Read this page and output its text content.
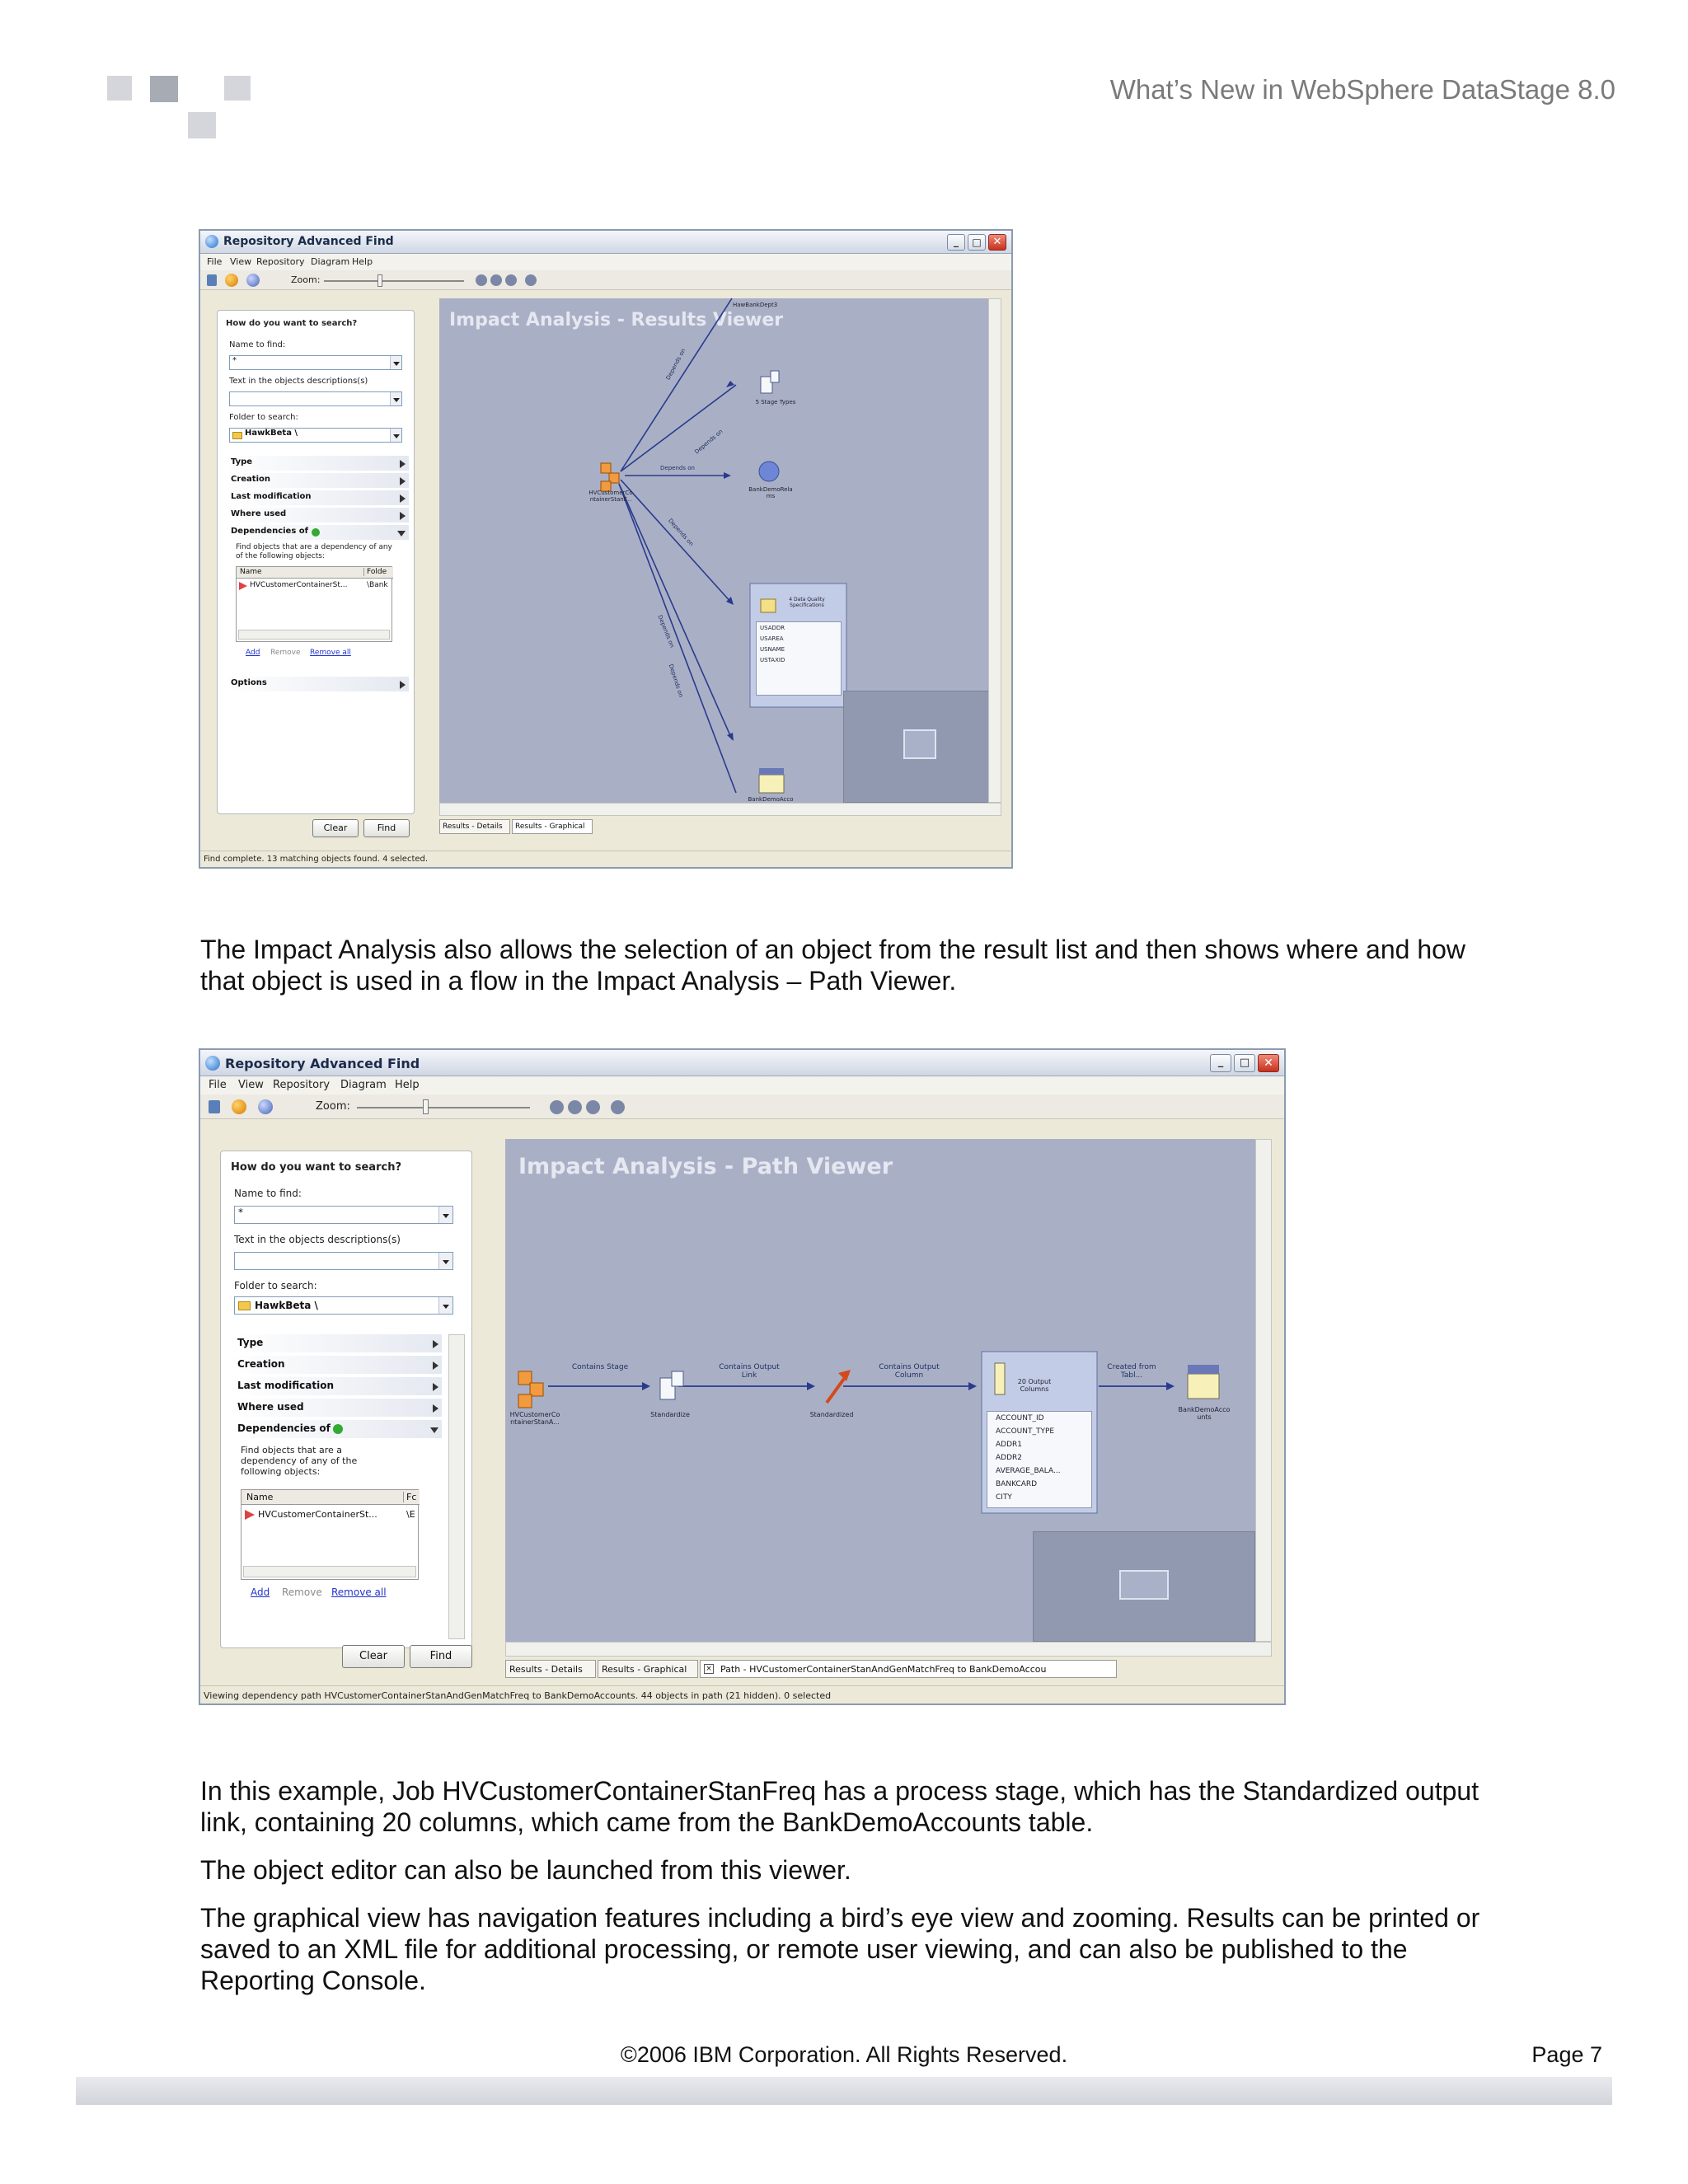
What’s New in WebSphere DataStage 8.0
Repository Advanced Find	_	□	✕
File View Repository Diagram Help
Zoom:
How do you want to search?
Name to find:
*
Text in the objects descriptions(s)
Folder to search:
HawkBeta \
Type
Creation
Last modification
Where used
Dependencies of
Find objects that are a dependency of any of the following objects:
Name	Folde
HVCustomerContainerSt...	\Bank
Add Remove Remove all
Options
Clear	Find
Impact Analysis - Results Viewer
HawBankDept3
5 Stage Types
BankDemoRela ms
HVCustomerCo ntainerStanF...
4 Data Quality Specifications
BankDemoAcco
Depends on
Depends on
Depends on
Depends on
Depends on
Depends on
USADDR
USAREA
USNAME
USTAXID
Results - Details	Results - Graphical
Find complete. 13 matching objects found. 4 selected.
The Impact Analysis also allows the selection of an object from the result list and then shows where and how that object is used in a flow in the Impact Analysis – Path Viewer.
Repository Advanced Find	_	□	✕
File View Repository Diagram Help
Zoom:
How do you want to search?
Name to find:
*
Text in the objects descriptions(s)
Folder to search:
HawkBeta \
Type
Creation
Last modification
Where used
Dependencies of
Find objects that are a dependency of any of the following objects:
Name	Fc
HVCustomerContainerSt...	\E
Add Remove Remove all
Clear	Find
Impact Analysis - Path Viewer
HVCustomerCo ntainerStanA...
Standardize	Standardized
20 Output Columns
BankDemoAcco unts
Contains Stage	Contains Output Link
Contains Output Column
Created from Tabl...
ACCOUNT_ID
ACCOUNT_TYPE
ADDR1
ADDR2
AVERAGE_BALA...
BANKCARD
CITY
Results - Details	Results - Graphical	× Path - HVCustomerContainerStanAndGenMatchFreq to BankDemoAccou
Viewing dependency path HVCustomerContainerStanAndGenMatchFreq to BankDemoAccounts. 44 objects in path (21 hidden). 0 selected
In this example, Job HVCustomerContainerStanFreq has a process stage, which has the Standardized output link, containing 20 columns, which came from the BankDemoAccounts table.
The object editor can also be launched from this viewer.
The graphical view has navigation features including a bird’s eye view and zooming. Results can be printed or saved to an XML file for additional processing, or remote user viewing, and can also be published to the Reporting Console.
©2006 IBM Corporation. All Rights Reserved.	Page 7
